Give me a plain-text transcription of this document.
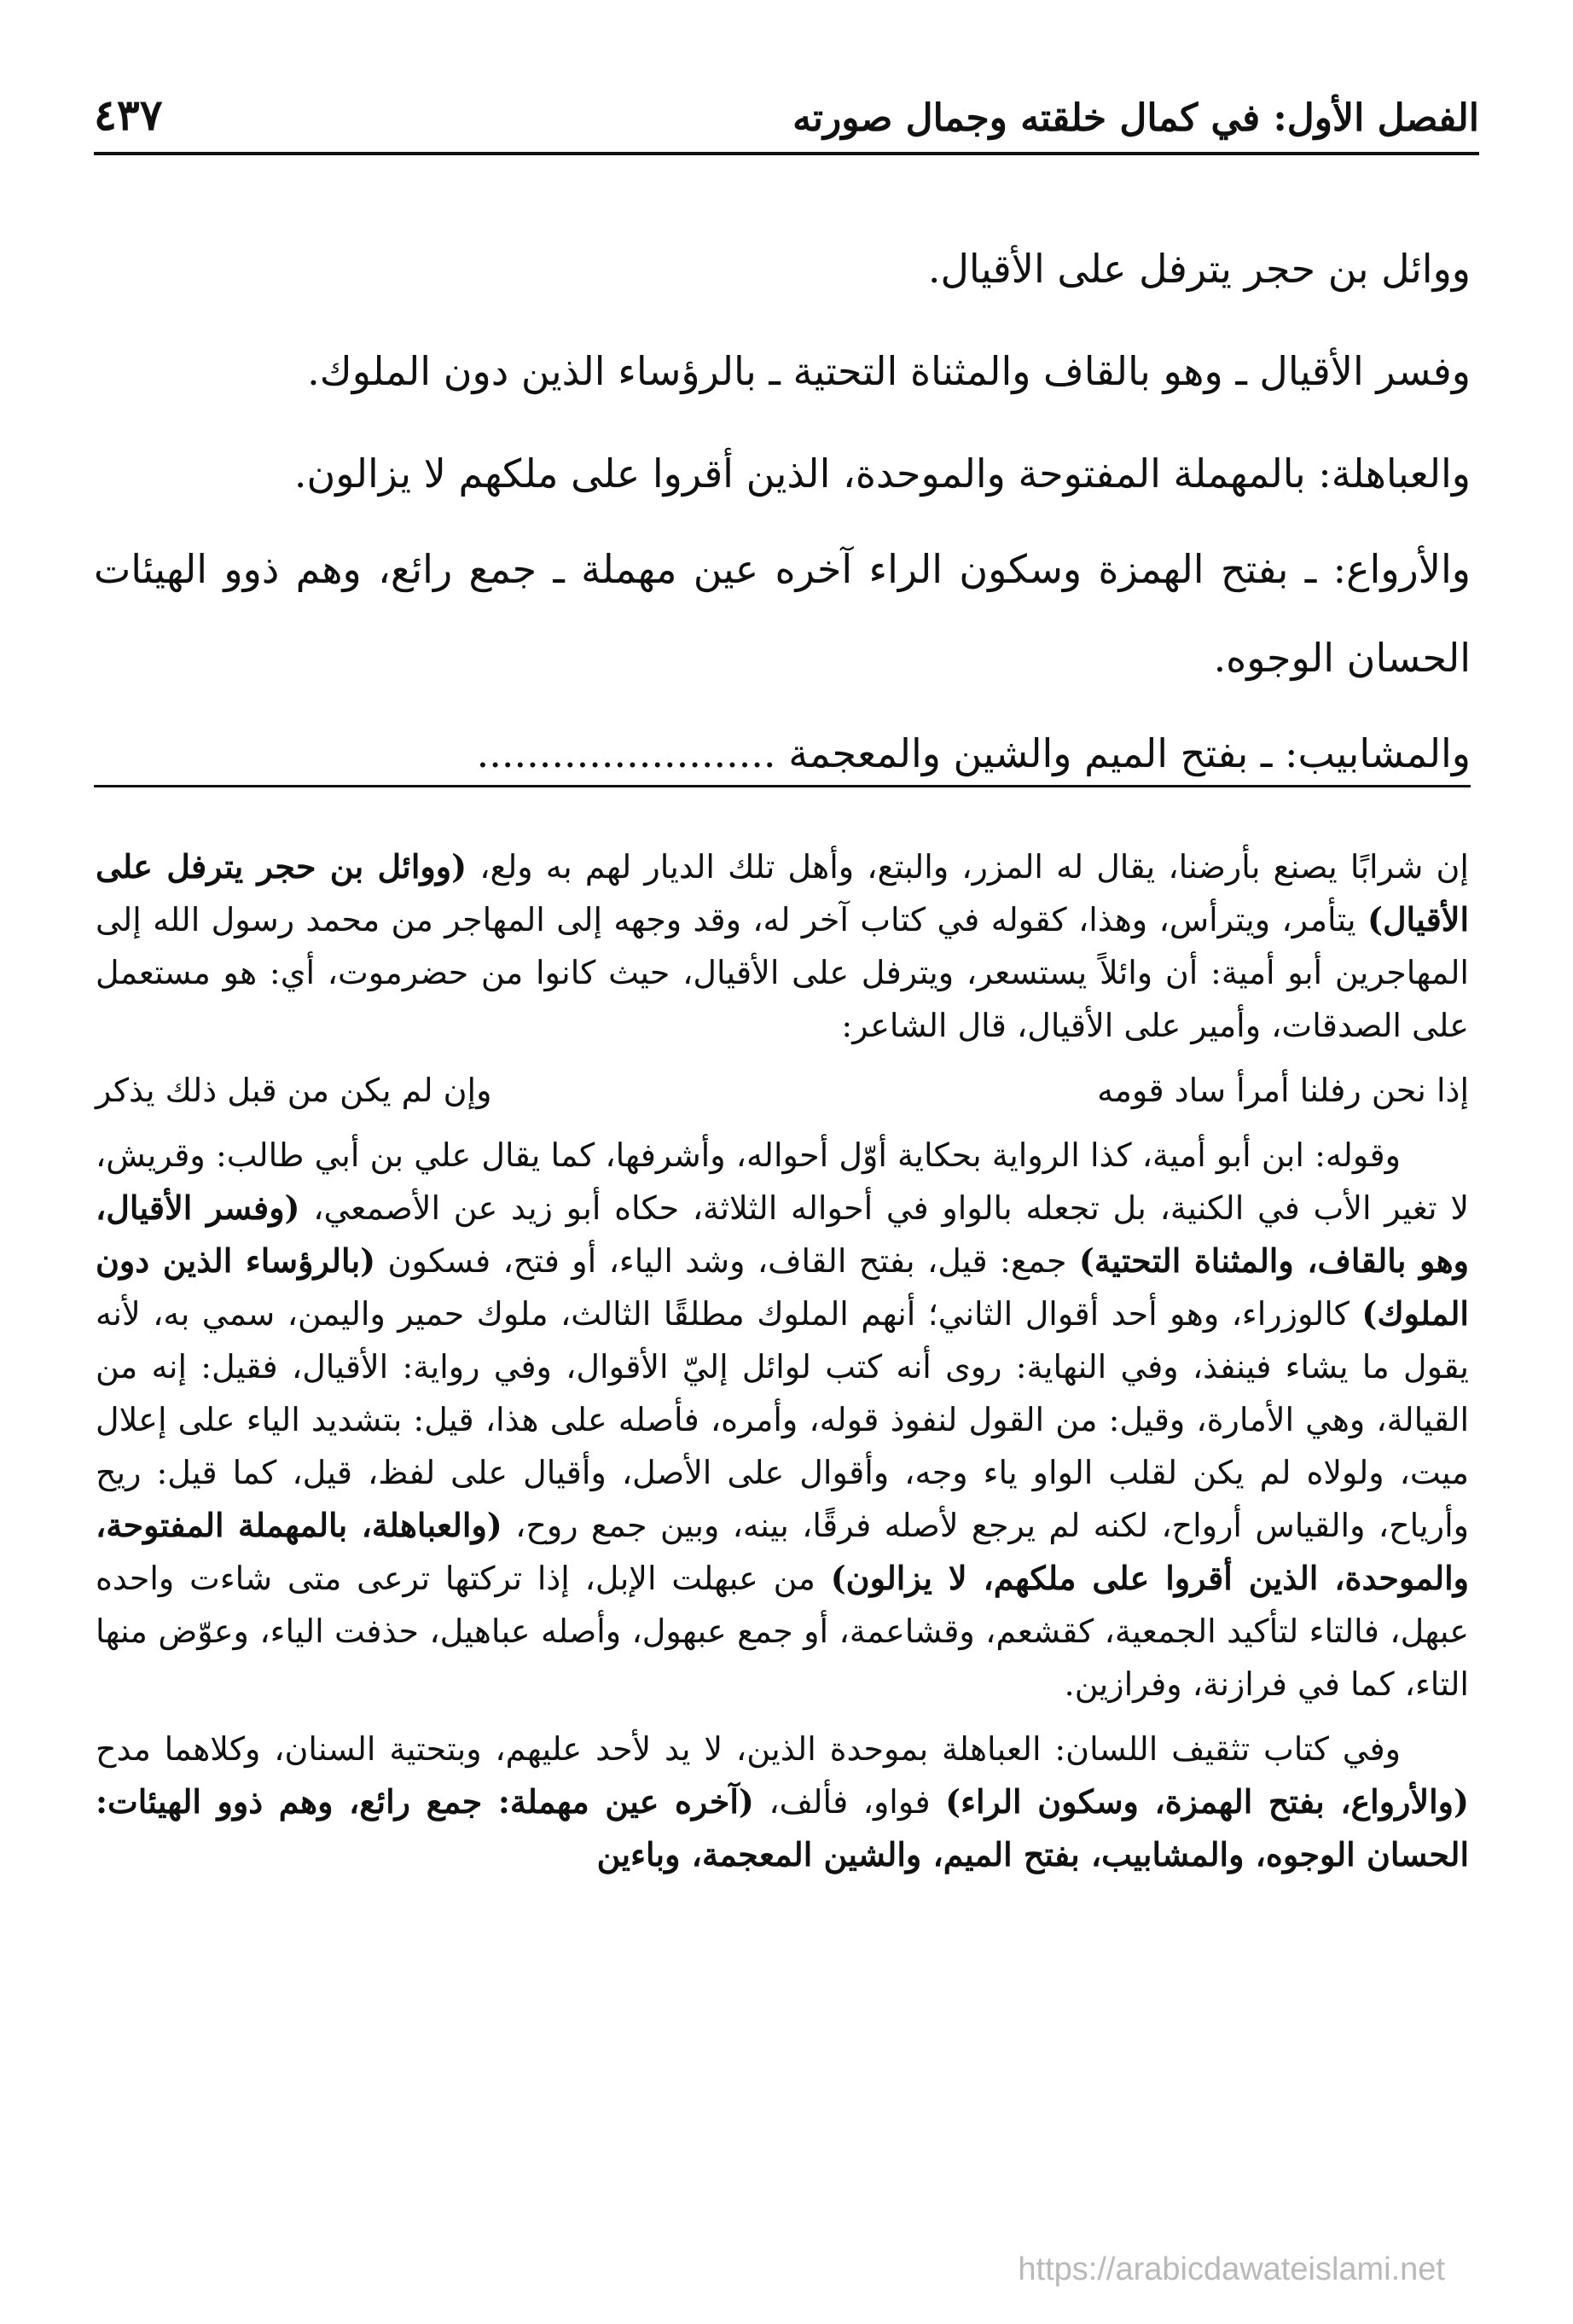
الفصل الأول: في كمال خلقته وجمال صورته
٤٣٧

ووائل بن حجر يترفل على الأقيال.

وفسر الأقيال ـ وهو بالقاف والمثناة التحتية ـ بالرؤساء الذين دون الملوك.

والعباهلة: بالمهملة المفتوحة والموحدة، الذين أقروا على ملكهم لا يزالون.

والأرواع: ـ بفتح الهمزة وسكون الراء آخره عين مهملة ـ جمع رائع، وهم ذوو الهيئات الحسان الوجوه.

والمشابيب: ـ بفتح الميم والشين والمعجمة ........................

إن شرابًا يصنع بأرضنا، يقال له المزر، والبتع، وأهل تلك الديار لهم به ولع، (ووائل بن حجر يترفل على الأقيال) يتأمر، ويترأس، وهذا، كقوله في كتاب آخر له، وقد وجهه إلى المهاجر من محمد رسول الله إلى المهاجرين أبو أمية: أن وائلاً يستسعر، ويترفل على الأقيال، حيث كانوا من حضرموت، أي: هو مستعمل على الصدقات، وأمير على الأقيال، قال الشاعر:

إذا نحن رفلنا أمرأ ساد قومه
وإن لم يكن من قبل ذلك يذكر

وقوله: ابن أبو أمية، كذا الرواية بحكاية أوّل أحواله، وأشرفها، كما يقال علي بن أبي طالب: وقريش، لا تغير الأب في الكنية، بل تجعله بالواو في أحواله الثلاثة، حكاه أبو زيد عن الأصمعي، (وفسر الأقيال، وهو بالقاف، والمثناة التحتية) جمع: قيل، بفتح القاف، وشد الياء، أو فتح، فسكون (بالرؤساء الذين دون الملوك) كالوزراء، وهو أحد أقوال الثاني؛ أنهم الملوك مطلقًا الثالث، ملوك حمير واليمن، سمي به، لأنه يقول ما يشاء فينفذ، وفي النهاية: روى أنه كتب لوائل إليّ الأقوال، وفي رواية: الأقيال، فقيل: إنه من القيالة، وهي الأمارة، وقيل: من القول لنفوذ قوله، وأمره، فأصله على هذا، قيل: بتشديد الياء على إعلال ميت، ولولاه لم يكن لقلب الواو ياء وجه، وأقوال على الأصل، وأقيال على لفظ، قيل، كما قيل: ريح وأرياح، والقياس أرواح، لكنه لم يرجع لأصله فرقًا، بينه، وبين جمع روح، (والعباهلة، بالمهملة المفتوحة، والموحدة، الذين أقروا على ملكهم، لا يزالون) من عبهلت الإبل، إذا تركتها ترعى متى شاءت واحده عبهل، فالتاء لتأكيد الجمعية، كقشعم، وقشاعمة، أو جمع عبهول، وأصله عباهيل، حذفت الياء، وعوّض منها التاء، كما في فرازنة، وفرازين.

وفي كتاب تثقيف اللسان: العباهلة بموحدة الذين، لا يد لأحد عليهم، وبتحتية السنان، وكلاهما مدح (والأرواع، بفتح الهمزة، وسكون الراء) فواو، فألف، (آخره عين مهملة: جمع رائع، وهم ذوو الهيئات: الحسان الوجوه، والمشابيب، بفتح الميم، والشين المعجمة، وباءين

https://arabicdawateislami.net
